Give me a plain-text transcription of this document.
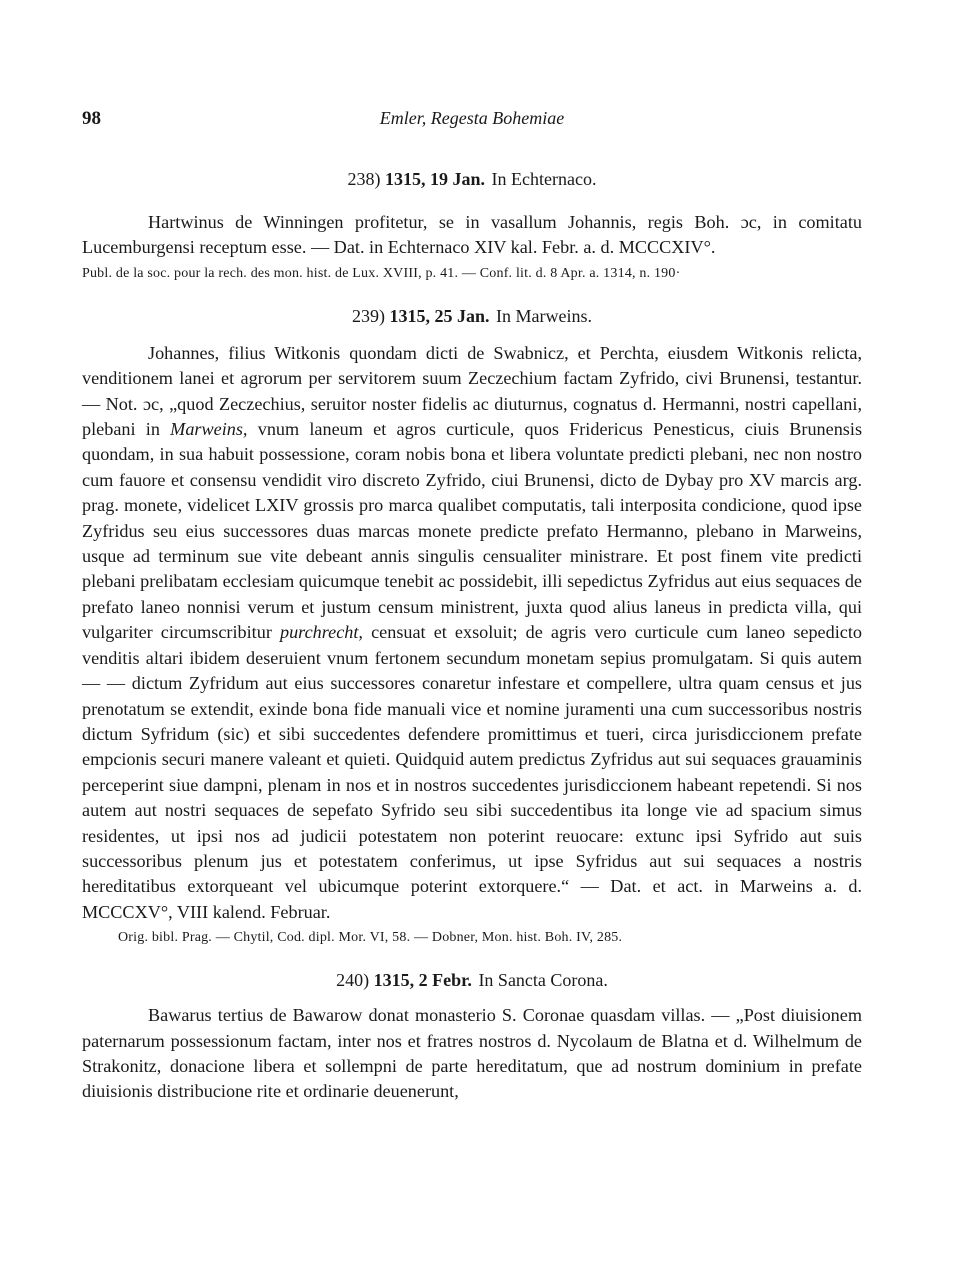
98	Emler, Regesta Bohemiae

238) 1315, 19 Jan. In Echternaco.

Hartwinus de Winningen profitetur, se in vasallum Johannis, regis Boh. ɔc, in comitatu Lucemburgensi receptum esse. — Dat. in Echternaco XIV kal. Febr. a. d. MCCCXIV°.

Publ. de la soc. pour la rech. des mon. hist. de Lux. XVIII, p. 41. — Conf. lit. d. 8 Apr. a. 1314, n. 190·

239) 1315, 25 Jan. In Marweins.

Johannes, filius Witkonis quondam dicti de Swabnicz, et Perchta, eiusdem Witkonis relicta, venditionem lanei et agrorum per servitorem suum Zeczechium factam Zyfrido, civi Brunensi, testantur. — Not. ɔc, „quod Zeczechius, seruitor noster fidelis ac diuturnus, cognatus d. Hermanni, nostri capellani, plebani in Marweins, vnum laneum et agros curticule, quos Fridericus Penesticus, ciuis Brunensis quondam, in sua habuit possessione, coram nobis bona et libera voluntate predicti plebani, nec non nostro cum fauore et consensu vendidit viro discreto Zyfrido, ciui Brunensi, dicto de Dybay pro XV marcis arg. prag. monete, videlicet LXIV grossis pro marca qualibet computatis, tali interposita condicione, quod ipse Zyfridus seu eius successores duas marcas monete predicte prefato Hermanno, plebano in Marweins, usque ad terminum sue vite debeant annis singulis censualiter ministrare. Et post finem vite predicti plebani prelibatam ecclesiam quicumque tenebit ac possidebit, illi sepedictus Zyfridus aut eius sequaces de prefato laneo nonnisi verum et justum censum ministrent, juxta quod alius laneus in predicta villa, qui vulgariter circumscribitur purchrecht, censuat et exsoluit; de agris vero curticule cum laneo sepedicto venditis altari ibidem deseruient vnum fertonem secundum monetam sepius promulgatam. Si quis autem — — dictum Zyfridum aut eius successores conaretur infestare et compellere, ultra quam census et jus prenotatum se extendit, exinde bona fide manuali vice et nomine juramenti una cum successoribus nostris dictum Syfridum (sic) et sibi succedentes defendere promittimus et tueri, circa jurisdiccionem prefate empcionis securi manere valeant et quieti. Quidquid autem predictus Zyfridus aut sui sequaces grauaminis perceperint siue dampni, plenam in nos et in nostros succedentes jurisdiccionem habeant repetendi. Si nos autem aut nostri sequaces de sepefato Syfrido seu sibi succedentibus ita longe vie ad spacium simus residentes, ut ipsi nos ad judicii potestatem non poterint reuocare: extunc ipsi Syfrido aut suis successoribus plenum jus et potestatem conferimus, ut ipse Syfridus aut sui sequaces a nostris hereditatibus extorqueant vel ubicumque poterint extorquere.“ — Dat. et act. in Marweins a. d. MCCCXV°, VIII kalend. Februar.

Orig. bibl. Prag. — Chytil, Cod. dipl. Mor. VI, 58. — Dobner, Mon. hist. Boh. IV, 285.

240) 1315, 2 Febr. In Sancta Corona.

Bawarus tertius de Bawarow donat monasterio S. Coronae quasdam villas. — „Post diuisionem paternarum possessionum factam, inter nos et fratres nostros d. Nycolaum de Blatna et d. Wilhelmum de Strakonitz, donacione libera et sollempni de parte hereditatum, que ad nostrum dominium in prefate diuisionis distribucione rite et ordinarie deuenerunt,
